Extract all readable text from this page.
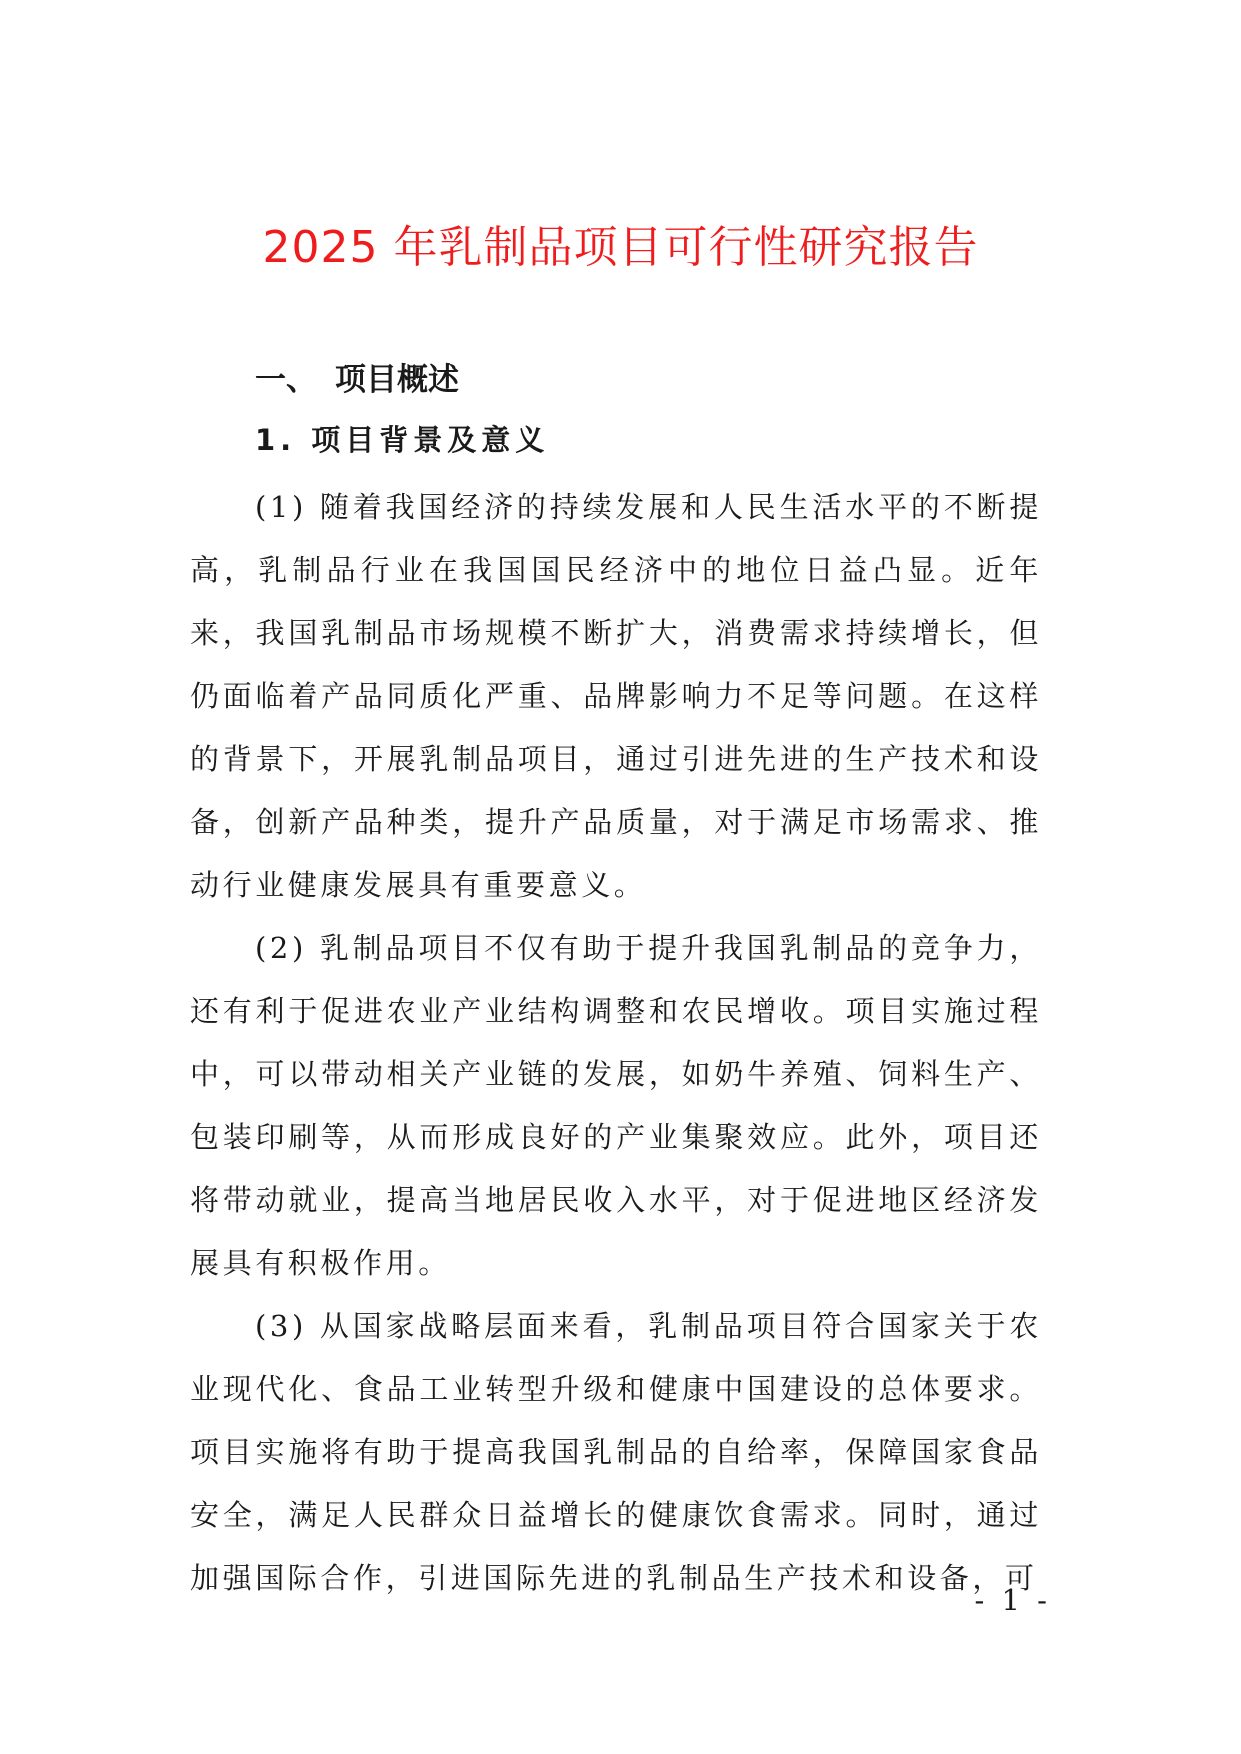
2025 年乳制品项目可行性研究报告
一、 项目概述
1. 项目背景及意义

(1) 随着我国经济的持续发展和人民生活水平的不断提高，乳制品行业在我国国民经济中的地位日益凸显。近年来，我国乳制品市场规模不断扩大，消费需求持续增长，但仍面临着产品同质化严重、品牌影响力不足等问题。在这样的背景下，开展乳制品项目，通过引进先进的生产技术和设备，创新产品种类，提升产品质量，对于满足市场需求、推动行业健康发展具有重要意义。

(2) 乳制品项目不仅有助于提升我国乳制品的竞争力，还有利于促进农业产业结构调整和农民增收。项目实施过程中，可以带动相关产业链的发展，如奶牛养殖、饲料生产、包装印刷等，从而形成良好的产业集聚效应。此外，项目还将带动就业，提高当地居民收入水平，对于促进地区经济发展具有积极作用。

(3) 从国家战略层面来看，乳制品项目符合国家关于农业现代化、食品工业转型升级和健康中国建设的总体要求。项目实施将有助于提高我国乳制品的自给率，保障国家食品安全，满足人民群众日益增长的健康饮食需求。同时，通过加强国际合作，引进国际先进的乳制品生产技术和设备，可

- 1 -
